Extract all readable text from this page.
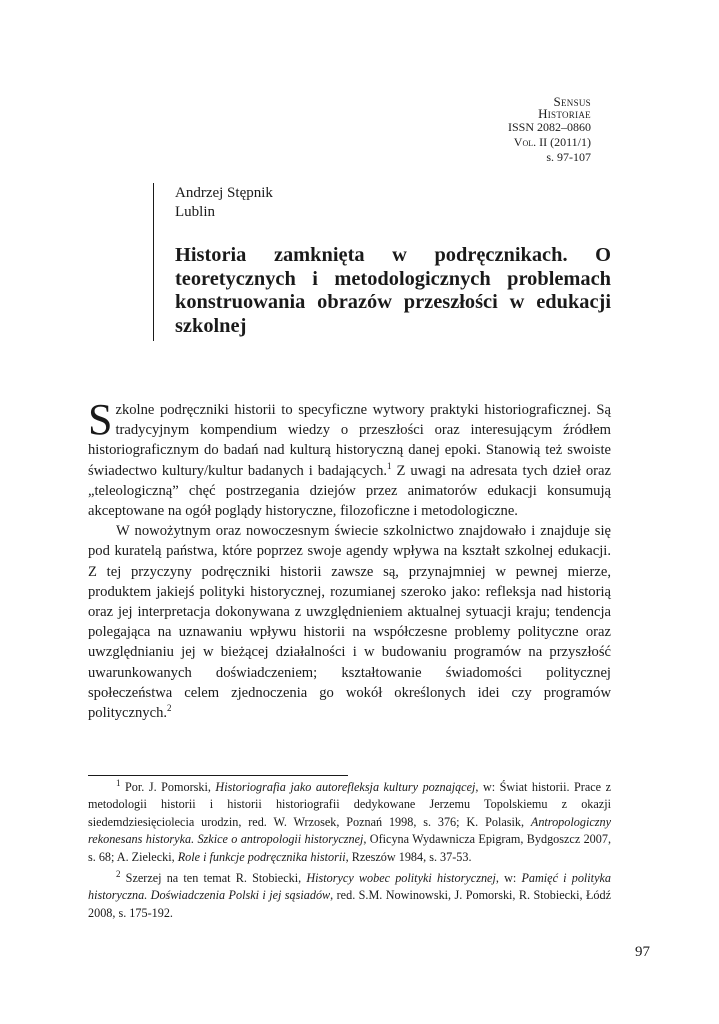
Sensus
Historiae
ISSN 2082–0860
Vol. II (2011/1)
s. 97-107
Andrzej Stępnik
Lublin
Historia zamknięta w podręcznikach. O teoretycznych i metodologicznych problemach konstruowania obrazów przeszłości w edukacji szkolnej

Szkolne podręczniki historii to specyficzne wytwory praktyki historiograficznej. Są tradycyjnym kompendium wiedzy o przeszłości oraz interesującym źródłem historiograficznym do badań nad kulturą historyczną danej epoki. Stanowią też swoiste świadectwo kultury/kultur badanych i badających.$^1$ Z uwagi na adresata tych dzieł oraz „teleologiczną” chęć postrzegania dziejów przez animatorów edukacji konsumują akceptowane na ogół poglądy historyczne, filozoficzne i metodologiczne.

W nowożytnym oraz nowoczesnym świecie szkolnictwo znajdowało i znajduje się pod kuratelą państwa, które poprzez swoje agendy wpływa na kształt szkolnej edukacji. Z tej przyczyny podręczniki historii zawsze są, przynajmniej w pewnej mierze, produktem jakiejś polityki historycznej, rozumianej szeroko jako: refleksja nad historią oraz jej interpretacja dokonywana z uwzględnieniem aktualnej sytuacji kraju; tendencja polegająca na uznawaniu wpływu historii na współczesne problemy polityczne oraz uwzględnianiu jej w bieżącej działalności i w budowaniu programów na przyszłość uwarunkowanych doświadczeniem; kształtowanie świadomości politycznej społeczeństwa celem zjednoczenia go wokół określonych idei czy programów politycznych.$^2$

$^1$ Por. J. Pomorski, Historiografia jako autorefleksja kultury poznającej, w: Świat historii. Prace z metodologii historii i historii historiografii dedykowane Jerzemu Topolskiemu z okazji siedemdziesięciolecia urodzin, red. W. Wrzosek, Poznań 1998, s. 376; K. Polasik, Antropologiczny rekonesans historyka. Szkice o antropologii historycznej, Oficyna Wydawnicza Epigram, Bydgoszcz 2007, s. 68; A. Zielecki, Role i funkcje podręcznika historii, Rzeszów 1984, s. 37-53.

$^2$ Szerzej na ten temat R. Stobiecki, Historycy wobec polityki historycznej, w: Pamięć i polityka historyczna. Doświadczenia Polski i jej sąsiadów, red. S.M. Nowinowski, J. Pomorski, R. Stobiecki, Łódź 2008, s. 175-192.

97
